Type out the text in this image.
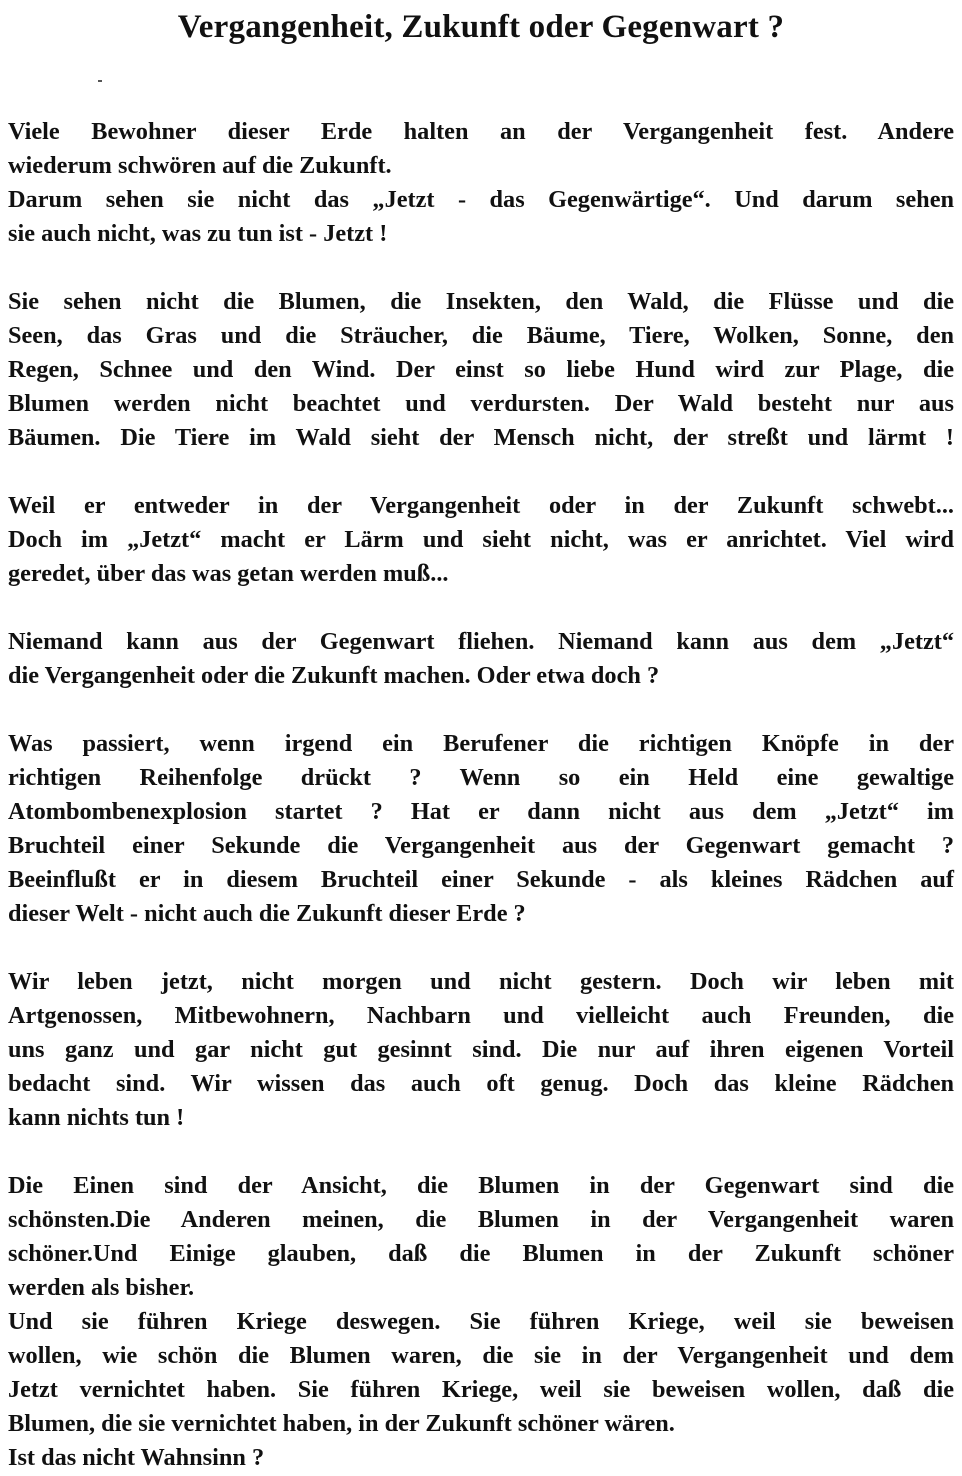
Vergangenheit, Zukunft oder Gegenwart ?

Viele Bewohner dieser Erde halten an der Vergangenheit fest. Andere
wiederum schwören auf die Zukunft.
Darum sehen sie nicht das „Jetzt - das Gegenwärtige“. Und darum sehen
sie auch nicht, was zu tun ist - Jetzt !

Sie sehen nicht die Blumen, die Insekten, den Wald, die Flüsse und die
Seen, das Gras und die Sträucher, die Bäume, Tiere, Wolken, Sonne, den
Regen, Schnee und den Wind. Der einst so liebe Hund wird zur Plage, die
Blumen werden nicht beachtet und verdursten. Der Wald besteht nur aus
Bäumen. Die Tiere im Wald sieht der Mensch nicht, der streßt und lärmt !

Weil er entweder in der Vergangenheit oder in der Zukunft schwebt...
Doch im „Jetzt“ macht er Lärm und sieht nicht, was er anrichtet. Viel wird
geredet, über das was getan werden muß...

Niemand kann aus der Gegenwart fliehen. Niemand kann aus dem „Jetzt“
die Vergangenheit oder die Zukunft machen. Oder etwa doch ?

Was passiert, wenn irgend ein Berufener die richtigen Knöpfe in der
richtigen Reihenfolge drückt ? Wenn so ein Held eine gewaltige
Atombombenexplosion startet ? Hat er dann nicht aus dem „Jetzt“ im
Bruchteil einer Sekunde die Vergangenheit aus der Gegenwart gemacht ?
Beeinflußt er in diesem Bruchteil einer Sekunde - als kleines Rädchen auf
dieser Welt - nicht auch die Zukunft dieser Erde ?

Wir leben jetzt, nicht morgen und nicht gestern. Doch wir leben mit
Artgenossen, Mitbewohnern, Nachbarn und vielleicht auch Freunden, die
uns ganz und gar nicht gut gesinnt sind. Die nur auf ihren eigenen Vorteil
bedacht sind. Wir wissen das auch oft genug. Doch das kleine Rädchen
kann nichts tun !

Die Einen sind der Ansicht, die Blumen in der Gegenwart sind die
schönsten.Die Anderen meinen, die Blumen in der Vergangenheit waren
schöner.Und Einige glauben, daß die Blumen in der Zukunft schöner
werden als bisher.
Und sie führen Kriege deswegen. Sie führen Kriege, weil sie beweisen
wollen, wie schön die Blumen waren, die sie in der Vergangenheit und dem
Jetzt vernichtet haben. Sie führen Kriege, weil sie beweisen wollen, daß die
Blumen, die sie vernichtet haben, in der Zukunft schöner wären.
Ist das nicht Wahnsinn ?
